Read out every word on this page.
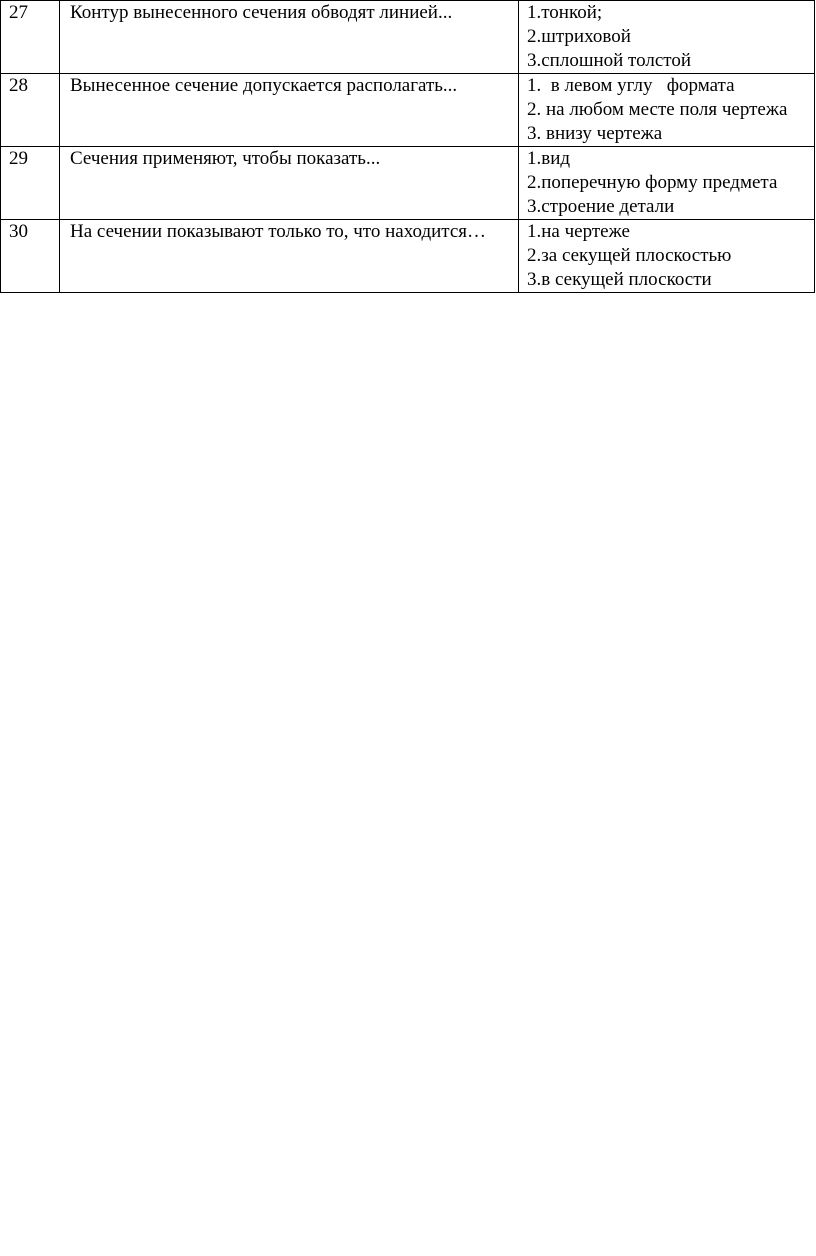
27	Контур вынесенного сечения обводят линией...	1.тонкой;
2.штриховой
3.сплошной толстой

28	Вынесенное сечение допускается располагать...	1.  в левом углу   формата
2. на любом месте поля чертежа
3. внизу чертежа

29	Сечения применяют, чтобы показать...	1.вид
2.поперечную форму предмета
3.строение детали

30	На сечении показывают только то, что находится…	1.на чертеже
2.за секущей плоскостью
3.в секущей плоскости
